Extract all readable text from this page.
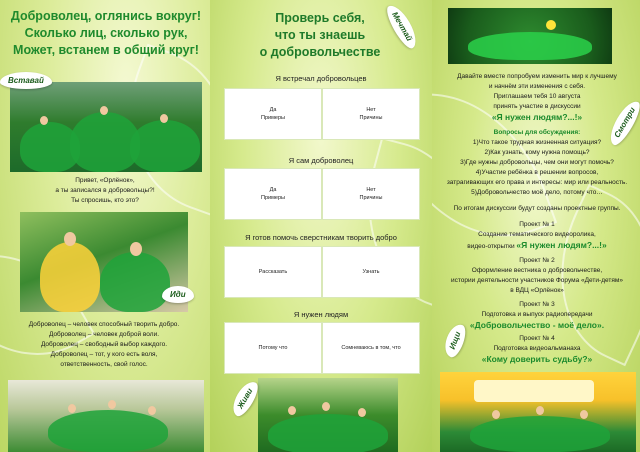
Доброволец, оглянись вокруг!
Сколько лиц, сколько рук,
Может, встанем в общий круг!
Вставай
Привет, «Орлёнок»,
а ты записался в добровольцы?!
Ты спросишь, кто это?
Иди
Доброволец – человек способный творить добро.
Доброволец – человек доброй воли.
Доброволец – свободный выбор каждого.
Доброволец – тот, у кого есть воля,
ответственность, свой голос.
Проверь себя,
что ты знаешь
о добровольчестве
Мечтай
Я встречал добровольцев
Да
Примеры
Нет
Причины
Я сам доброволец
Да
Примеры
Нет
Причины
Я готов помочь сверстникам творить добро
Рассказать	Узнать
Я нужен людям
Потому что	Сомневаюсь в том, что
Живи
Смотри
Давайте вместе попробуем изменить мир к лучшему
и начнём эти изменения с себя.
Приглашаем тебя 10 августа
принять участие в дискуссии
«Я нужен людям?...!»
Вопросы для обсуждения:
1)Что такое трудная жизненная ситуация?
2)Как узнать, кому нужна помощь?
3)Где нужны добровольцы, чем они могут помочь?
4)Участие ребёнка в решении вопросов,
затрагивающих его права и интересы: мир или реальность.
5)Добровольчество моё дело, потому что…
По итогам дискуссии будут созданы проектные группы.
Проект № 1
Создание тематического видеоролика,
видео-открытки «Я нужен людям?...!»
Проект № 2
Оформление вестника о добровольчестве,
истории деятельности участников Форума «Дети-детям»
в ВДЦ «Орлёнок»
Проект № 3
Подготовка и выпуск радиопередачи
«Добровольчество - моё дело».
Проект № 4
Подготовка видеоальманаха
«Кому доверить судьбу?»
Ищи
